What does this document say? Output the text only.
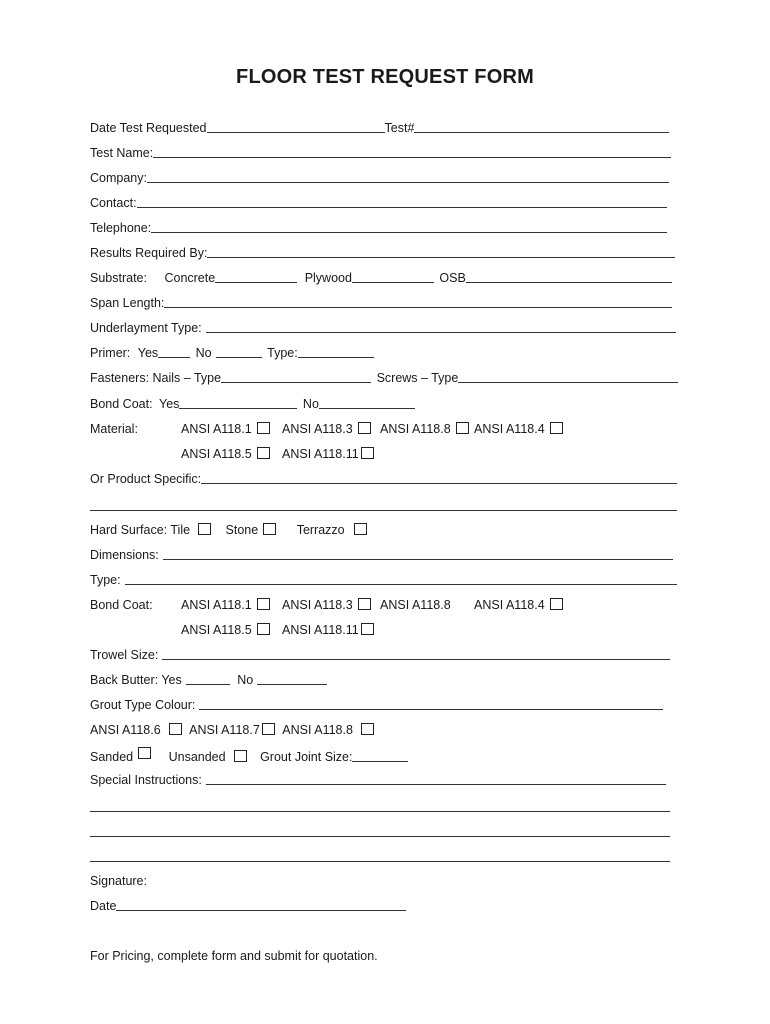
FLOOR TEST REQUEST FORM
Date Test Requested	Test#
Test Name:
Company:
Contact:
Telephone:
Results Required By:
Substrate: Concrete	Plywood	OSB
Span Length:
Underlayment Type:
Primer: Yes	No	Type:
Fasteners: Nails – Type	Screws – Type
Bond Coat: Yes	No
Material:	ANSI A118.1	ANSI A118.3	ANSI A118.8	ANSI A118.4
ANSI A118.5	ANSI A118.11
Or Product Specific:
Hard Surface: Tile	Stone	Terrazzo
Dimensions:
Type:
Bond Coat: ANSI A118.1	ANSI A118.3	ANSI A118.8 ANSI A118.4
ANSI A118.5	ANSI A118.11
Trowel Size:
Back Butter: Yes	No
Grout Type Colour:
ANSI A118.6 ANSI A118.7 ANSI A118.8
Sanded	Unsanded	Grout Joint Size:
Special Instructions:
Signature:
Date
For Pricing, complete form and submit for quotation.
